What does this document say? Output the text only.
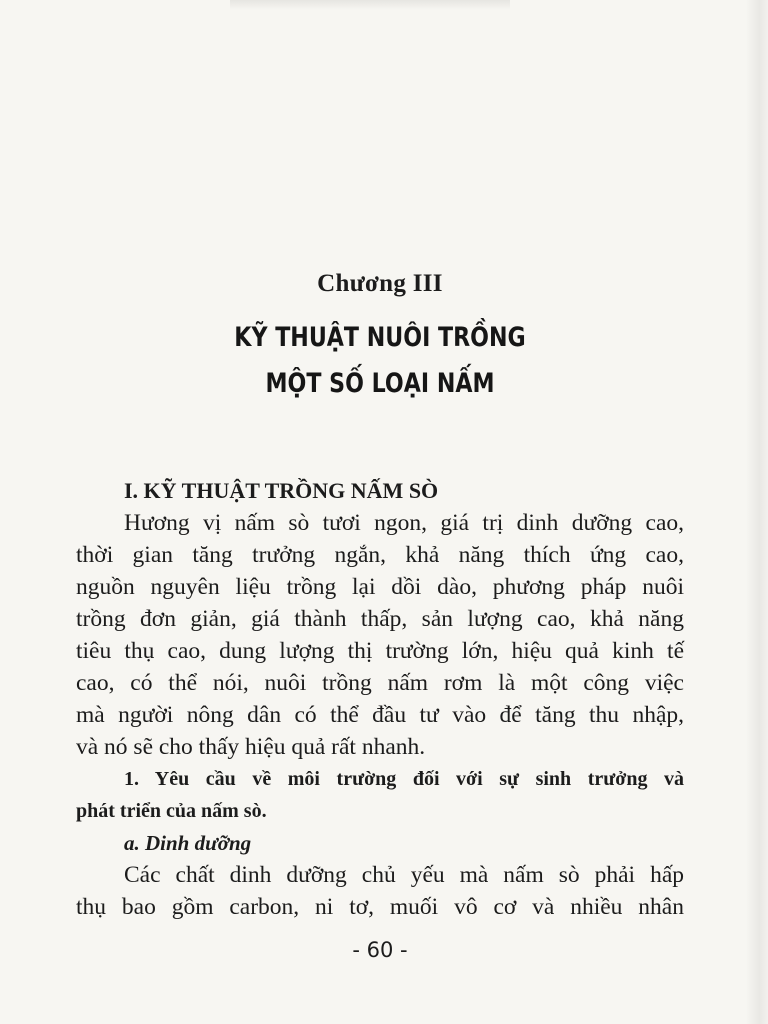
Chương III
KỸ THUẬT NUÔI TRỒNG
MỘT SỐ LOẠI NẤM
I. KỸ THUẬT TRỒNG NẤM SÒ
Hương vị nấm sò tươi ngon, giá trị dinh dưỡng cao,
thời gian tăng trưởng ngắn, khả năng thích ứng cao,
nguồn nguyên liệu trồng lại dồi dào, phương pháp nuôi
trồng đơn giản, giá thành thấp, sản lượng cao, khả năng
tiêu thụ cao, dung lượng thị trường lớn, hiệu quả kinh tế
cao, có thể nói, nuôi trồng nấm rơm là một công việc
mà người nông dân có thể đầu tư vào để tăng thu nhập,
và nó sẽ cho thấy hiệu quả rất nhanh.
1. Yêu cầu về môi trường đối với sự sinh trưởng và
phát triển của nấm sò.
a. Dinh dưỡng
Các chất dinh dưỡng chủ yếu mà nấm sò phải hấp
thụ bao gồm carbon, ni tơ, muối vô cơ và nhiều nhân
- 60 -
